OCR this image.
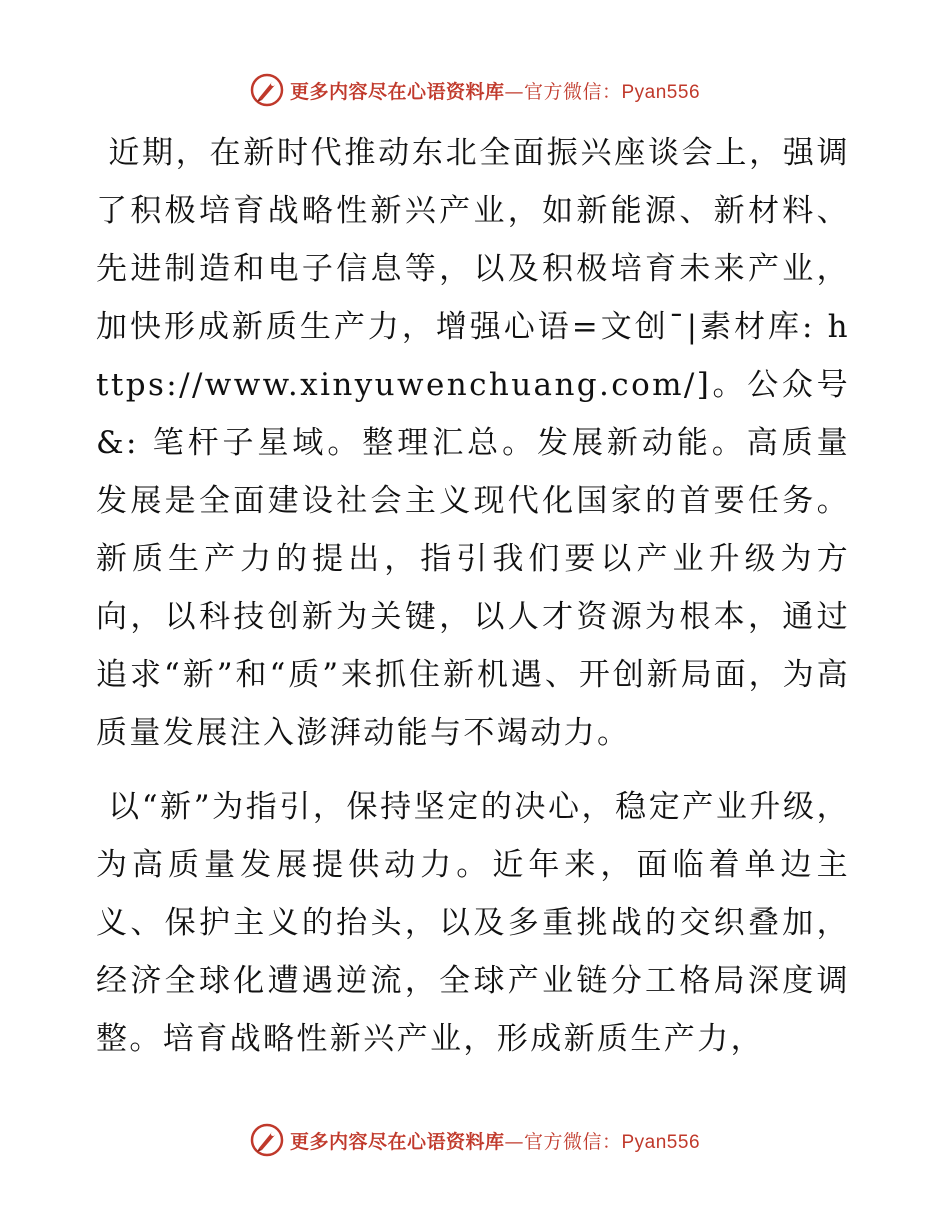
更多内容尽在心语资料库—官方微信：Pyan556

近期，在新时代推动东北全面振兴座谈会上，强调了积极培育战略性新兴产业，如新能源、新材料、先进制造和电子信息等，以及积极培育未来产业，加快形成新质生产力，增强心语=文创¯|素材库: https://www.xinyuwenchuang.com/]。公众号&: 笔杆子星域。整理汇总。发展新动能。高质量发展是全面建设社会主义现代化国家的首要任务。新质生产力的提出，指引我们要以产业升级为方向，以科技创新为关键，以人才资源为根本，通过追求“新”和“质”来抓住新机遇、开创新局面，为高质量发展注入澎湃动能与不竭动力。

以“新”为指引，保持坚定的决心，稳定产业升级，为高质量发展提供动力。近年来，面临着单边主义、保护主义的抬头，以及多重挑战的交织叠加，经济全球化遭遇逆流，全球产业链分工格局深度调整。培育战略性新兴产业，形成新质生产力，

更多内容尽在心语资料库—官方微信：Pyan556
